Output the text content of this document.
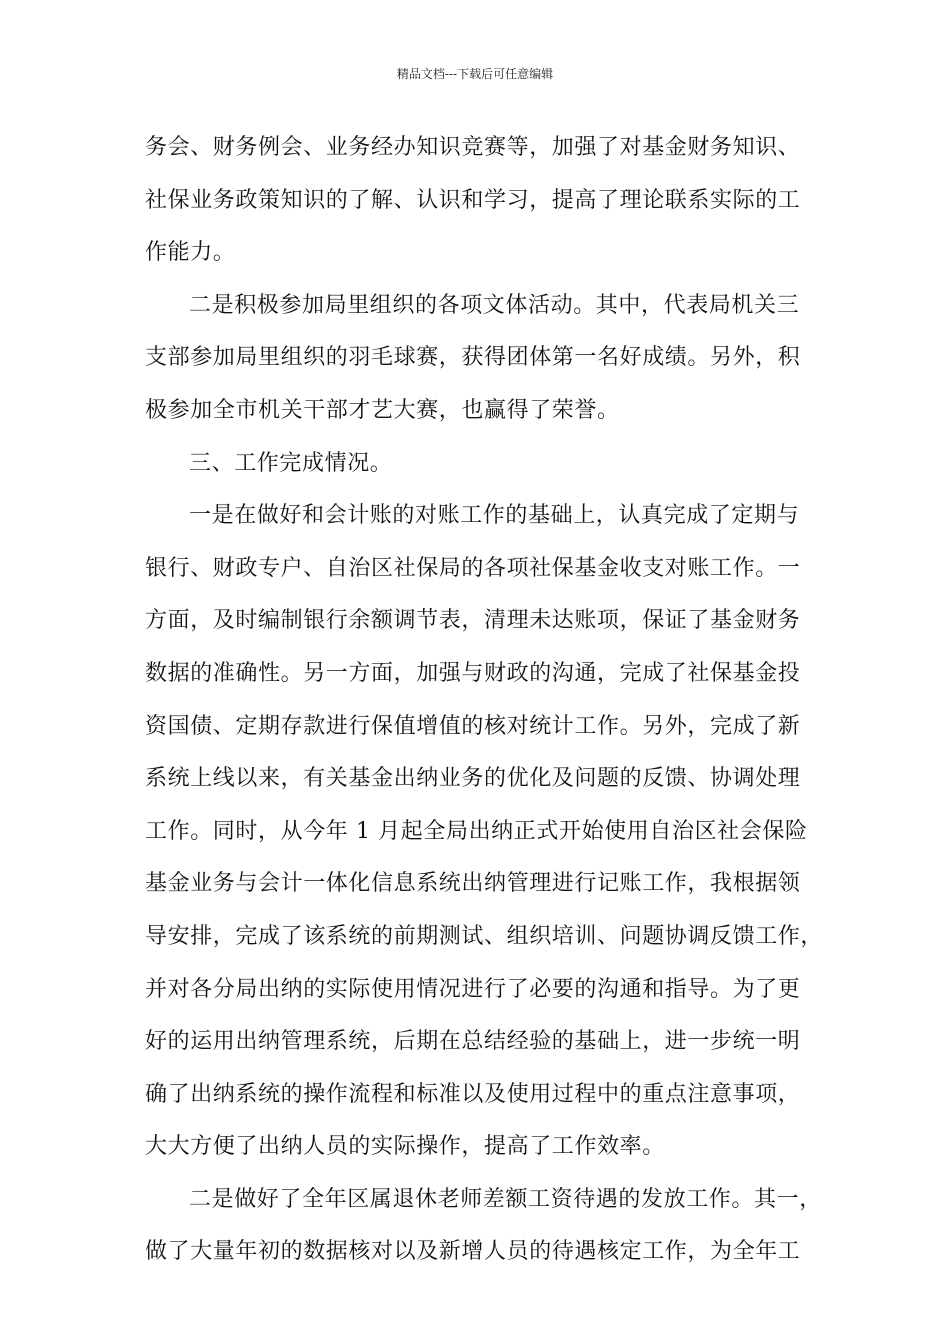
精品文档---下载后可任意编辑
务会、财务例会、业务经办知识竞赛等，加强了对基金财务知识、
社保业务政策知识的了解、认识和学习，提高了理论联系实际的工
作能力。
二是积极参加局里组织的各项文体活动。其中，代表局机关三
支部参加局里组织的羽毛球赛，获得团体第一名好成绩。另外，积
极参加全市机关干部才艺大赛，也赢得了荣誉。
三、工作完成情况。
一是在做好和会计账的对账工作的基础上，认真完成了定期与
银行、财政专户、自治区社保局的各项社保基金收支对账工作。一
方面，及时编制银行余额调节表，清理未达账项，保证了基金财务
数据的准确性。另一方面，加强与财政的沟通，完成了社保基金投
资国债、定期存款进行保值增值的核对统计工作。另外，完成了新
系统上线以来，有关基金出纳业务的优化及问题的反馈、协调处理
工作。同时，从今年 1 月起全局出纳正式开始使用自治区社会保险
基金业务与会计一体化信息系统出纳管理进行记账工作，我根据领
导安排，完成了该系统的前期测试、组织培训、问题协调反馈工作，
并对各分局出纳的实际使用情况进行了必要的沟通和指导。为了更
好的运用出纳管理系统，后期在总结经验的基础上，进一步统一明
确了出纳系统的操作流程和标准以及使用过程中的重点注意事项，
大大方便了出纳人员的实际操作，提高了工作效率。
二是做好了全年区属退休老师差额工资待遇的发放工作。其一，
做了大量年初的数据核对以及新增人员的待遇核定工作，为全年工
